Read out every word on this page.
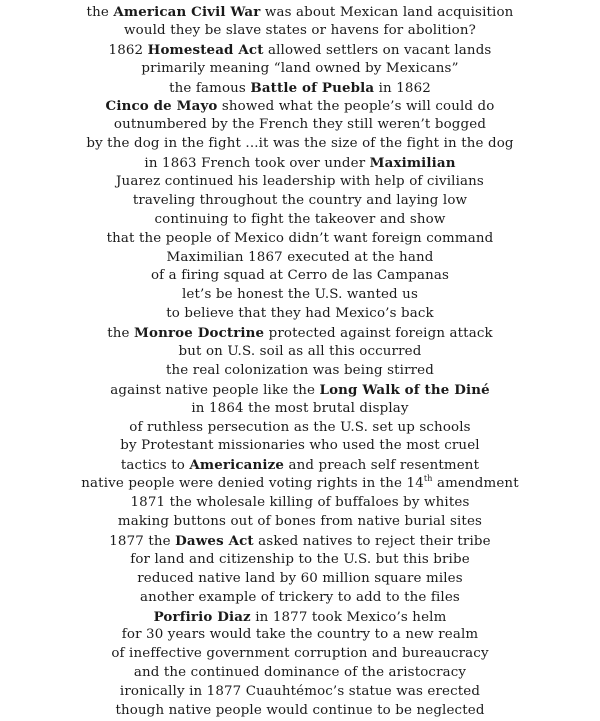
the American Civil War was about Mexican land acquisition
would they be slave states or havens for abolition?
1862 Homestead Act allowed settlers on vacant lands
primarily meaning “land owned by Mexicans”
the famous Battle of Puebla in 1862
Cinco de Mayo showed what the people’s will could do
outnumbered by the French they still weren’t bogged
by the dog in the fight ...it was the size of the fight in the dog
in 1863 French took over under Maximilian
Juarez continued his leadership with help of civilians
traveling throughout the country and laying low
continuing to fight the takeover and show
that the people of Mexico didn’t want foreign command
Maximilian 1867 executed at the hand
of a firing squad at Cerro de las Campanas
let’s be honest the U.S. wanted us
to believe that they had Mexico’s back
the Monroe Doctrine protected against foreign attack
but on U.S. soil as all this occurred
the real colonization was being stirred
against native people like the Long Walk of the Diné
in 1864 the most brutal display
of ruthless persecution as the U.S. set up schools
by Protestant missionaries who used the most cruel
tactics to Americanize and preach self resentment
native people were denied voting rights in the 14th amendment
1871 the wholesale killing of buffaloes by whites
making buttons out of bones from native burial sites
1877 the Dawes Act asked natives to reject their tribe
for land and citizenship to the U.S. but this bribe
reduced native land by 60 million square miles
another example of trickery to add to the files
Porfirio Diaz in 1877 took Mexico’s helm
for 30 years would take the country to a new realm
of ineffective government corruption and bureaucracy
and the continued dominance of the aristocracy
ironically in 1877 Cuauhtémoc’s statue was erected
though native people would continue to be neglected
